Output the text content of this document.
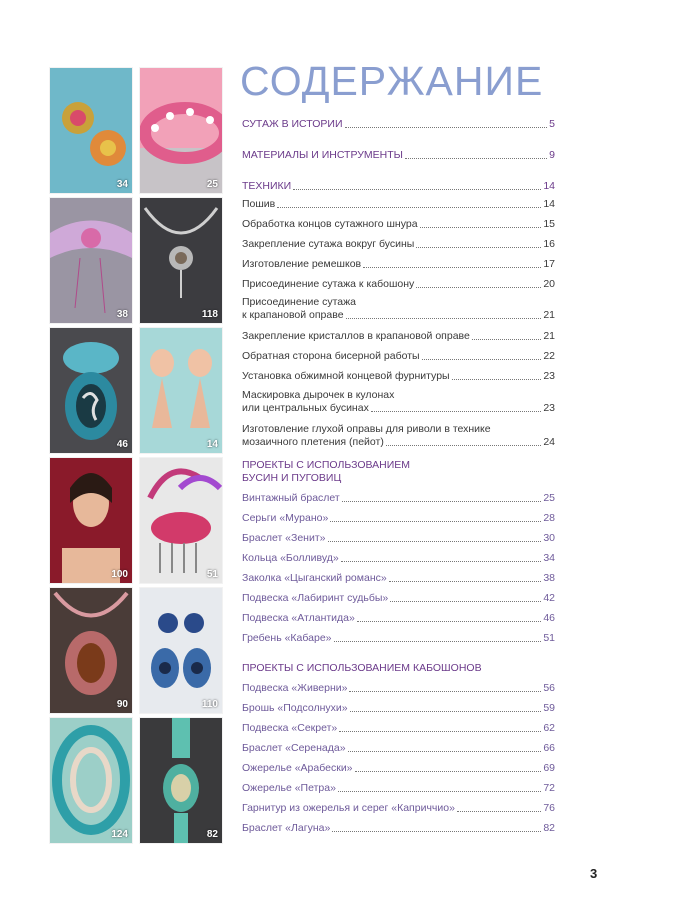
34	25
38	118
46	14
100	51
90	110
124	82
СОДЕРЖАНИЕ
СУТАЖ В ИСТОРИИ	5
МАТЕРИАЛЫ И ИНСТРУМЕНТЫ	9
ТЕХНИКИ	14
Пошив	14
Обработка концов сутажного шнура	15
Закрепление сутажа вокруг бусины	16
Изготовление ремешков	17
Присоединение сутажа к кабошону	20
Присоединение сутажа
к крапановой оправе	21
Закрепление кристаллов в крапановой оправе	21
Обратная сторона бисерной работы	22
Установка обжимной концевой фурнитуры	23
Маскировка дырочек в кулонах
или центральных бусинах	23
Изготовление глухой оправы для риволи в технике
мозаичного плетения (пейот)	24
ПРОЕКТЫ С ИСПОЛЬЗОВАНИЕМ
БУСИН И ПУГОВИЦ
Винтажный браслет	25
Серьги «Мурано»	28
Браслет «Зенит»	30
Кольца «Болливуд»	34
Заколка «Цыганский романс»	38
Подвеска «Лабиринт судьбы»	42
Подвеска «Атлантида»	46
Гребень «Кабаре»	51
ПРОЕКТЫ С ИСПОЛЬЗОВАНИЕМ КАБОШОНОВ
Подвеска «Живерни»	56
Брошь «Подсолнухи»	59
Подвеска «Секрет»	62
Браслет «Серенада»	66
Ожерелье «Арабески»	69
Ожерелье «Петра»	72
Гарнитур из ожерелья и серег «Каприччио»	76
Браслет «Лагуна»	82
3
